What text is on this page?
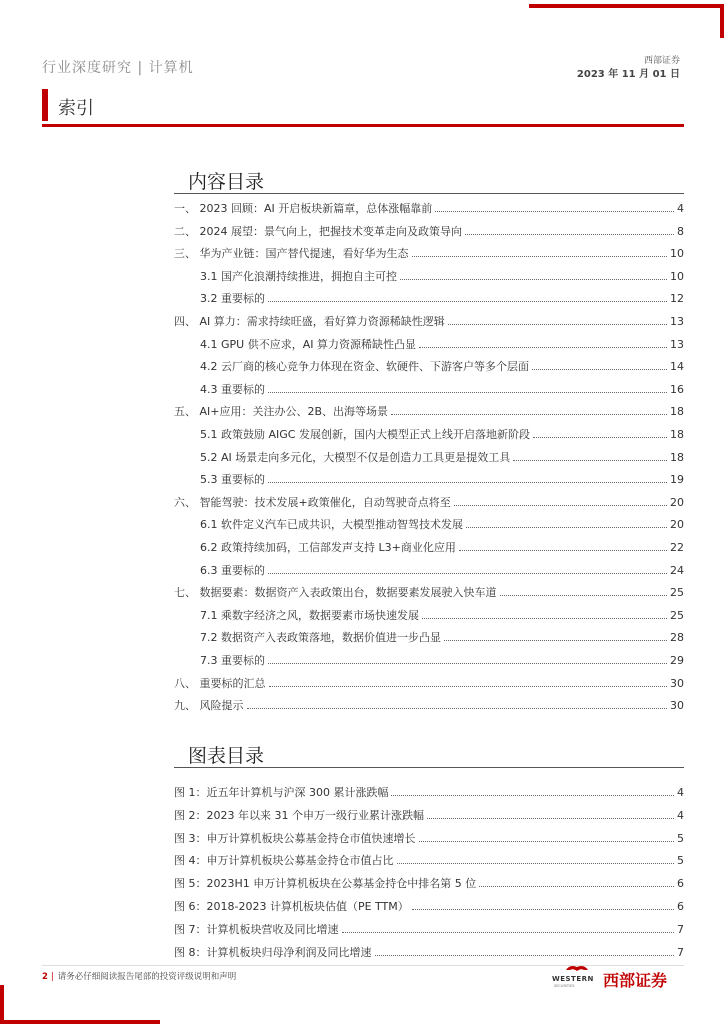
行业深度研究 | 计算机	西部证券
2023 年 11 月 01 日
索引
内容目录
一、 2023 回顾：AI 开启板块新篇章，总体涨幅靠前	4
二、 2024 展望：景气向上，把握技术变革走向及政策导向	8
三、 华为产业链：国产替代提速，看好华为生态	10
3.1 国产化浪潮持续推进，拥抱自主可控	10
3.2 重要标的	12
四、 AI 算力：需求持续旺盛，看好算力资源稀缺性逻辑	13
4.1 GPU 供不应求，AI 算力资源稀缺性凸显	13
4.2 云厂商的核心竞争力体现在资金、软硬件、下游客户等多个层面	14
4.3 重要标的	16
五、 AI+应用：关注办公、2B、出海等场景	18
5.1 政策鼓励 AIGC 发展创新，国内大模型正式上线开启落地新阶段	18
5.2 AI 场景走向多元化，大模型不仅是创造力工具更是提效工具	18
5.3 重要标的	19
六、 智能驾驶：技术发展+政策催化，自动驾驶奇点将至	20
6.1 软件定义汽车已成共识，大模型推动智驾技术发展	20
6.2 政策持续加码，工信部发声支持 L3+商业化应用	22
6.3 重要标的	24
七、 数据要素：数据资产入表政策出台，数据要素发展驶入快车道	25
7.1 乘数字经济之风，数据要素市场快速发展	25
7.2 数据资产入表政策落地，数据价值进一步凸显	28
7.3 重要标的	29
八、 重要标的汇总	30
九、 风险提示	30
图表目录
图 1：近五年计算机与沪深 300 累计涨跌幅	4
图 2：2023 年以来 31 个申万一级行业累计涨跌幅	4
图 3：申万计算机板块公募基金持仓市值快速增长	5
图 4：申万计算机板块公募基金持仓市值占比	5
图 5：2023H1 申万计算机板块在公募基金持仓中排名第 5 位	6
图 6：2018-2023 计算机板块估值（PE TTM）	6
图 7：计算机板块营收及同比增速	7
图 8：计算机板块归母净利润及同比增速	7
2 | 请务必仔细阅读报告尾部的投资评级说明和声明	WESTERN
SECURITIES 西部证券
